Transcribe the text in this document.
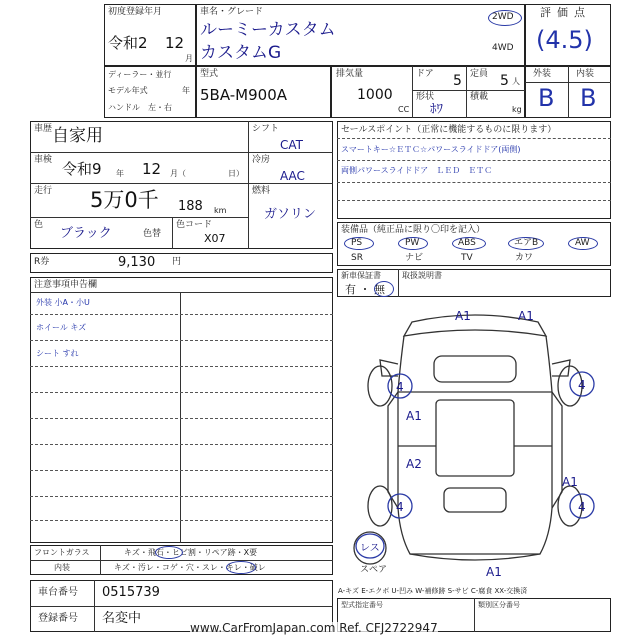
初度登録年月
令和2 12
月
車名・グレード
ルーミーカスタム
カスタムG
2WD
4WD
評価点
(4.5)
ディーラー・並行
モデル年式	年
ハンドル　左・右
型式
5BA-M900A
排気量
1000
CC
ドア 5
形状
ﾎﾜ
定員 5 人
積載
kg
外装	内装
B B
車歴 自家用
車検 令和9 年 12 月（	日）
走行 5万0千 188 km
色
ブラック	色替
色コード
X07
シフト
CAT
冷房
AAC
燃料
ガソリン
R券	9,130 円
セールスポイント（正常に機能するものに限ります）
スマートキー☆ＥＴＣ☆パワースライドドア(両側)
両側パワースライドドア　ＬＥＤ　ＥＴＣ
装備品（純正品に限り〇印を記入）
PS	PW	ABS	エアB	AW
SR	ナビ	TV	カワ
新車保証書
有 ・ 無
取扱説明書
注意事項申告欄
外装 小A・小U
ホイール キズ
シート すれ
フロントガラス	キズ・飛石・ヒビ割・リペア跡・X要
内装	キズ・汚レ・コゲ・穴・スレ・キレ・破レ
車台番号 0515739
登録番号 名変中
A-キズ E-エクボ U-凹み W-補修跡 S-サビ C-腐食 XX-交換済
型式指定番号	類別区分番号
www.CarFromJapan.com Ref. CFJ2722947
A1	A1
A1
A2
A1
A1
4	4
4	4
レス
スペア
